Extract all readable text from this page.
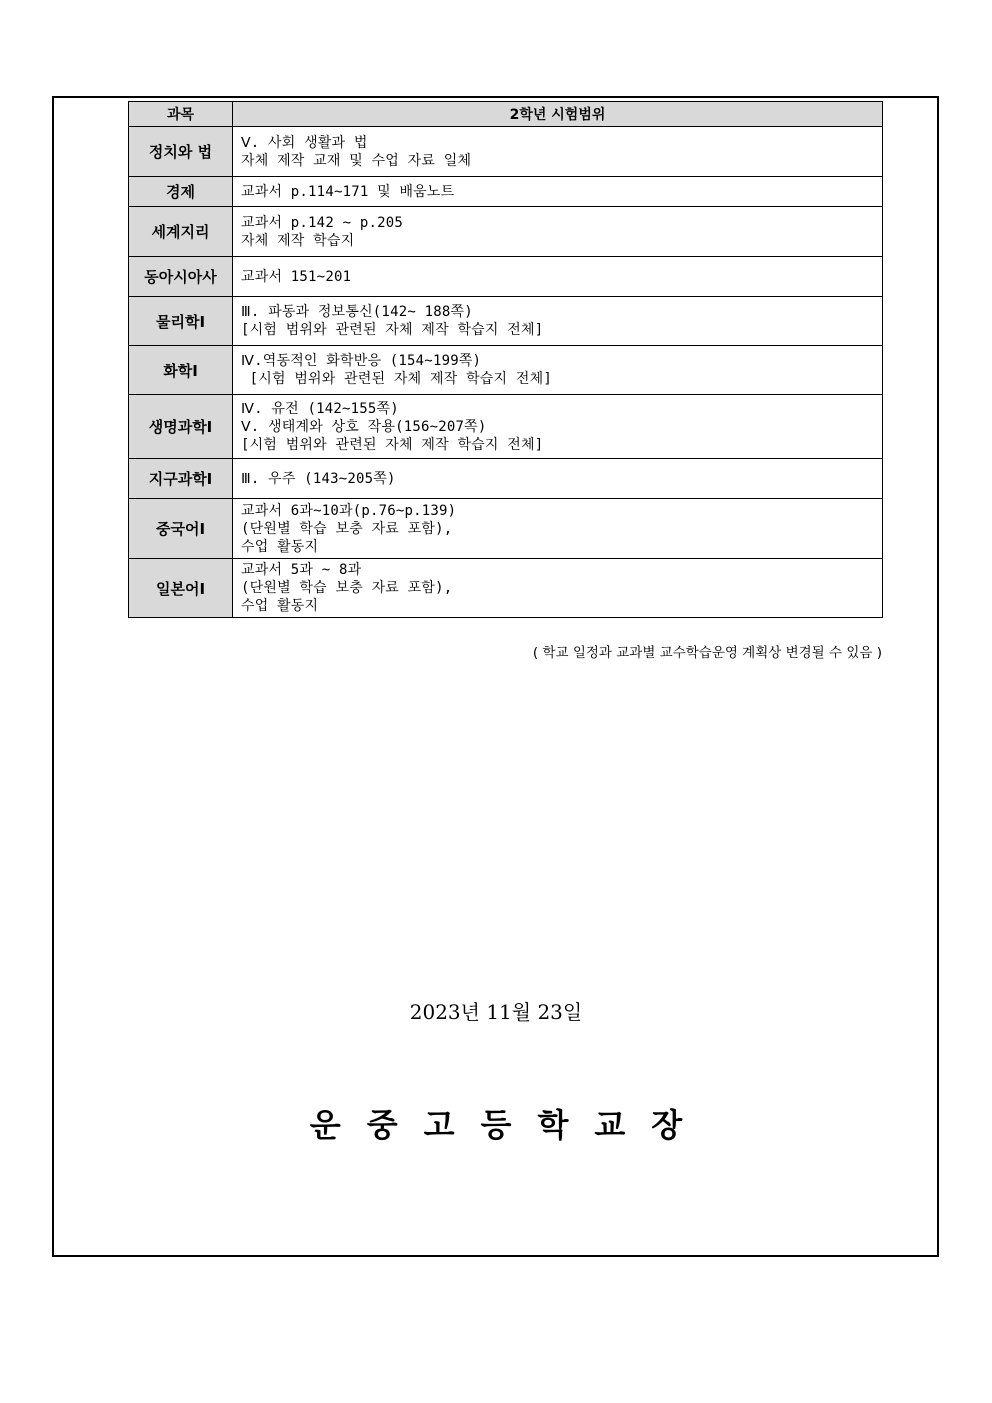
과목	2학년 시험범위
정치와 법	Ⅴ. 사회 생활과 법
자체 제작 교재 및 수업 자료 일체

경제	교과서 p.114~171 및 배움노트

세계지리	교과서 p.142 ~ p.205
자체 제작 학습지

동아시아사	교과서 151~201

물리학I	Ⅲ. 파동과 정보통신(142~ 188쪽)
[시험 범위와 관련된 자체 제작 학습지 전체]

화학I	Ⅳ.역동적인 화학반응 (154~199쪽)
[시험 범위와 관련된 자체 제작 학습지 전체]

생명과학I	Ⅳ. 유전 (142~155쪽)
Ⅴ. 생태계와 상호 작용(156~207쪽)
[시험 범위와 관련된 자체 제작 학습지 전체]

지구과학I	Ⅲ. 우주 (143~205쪽)

중국어I	교과서 6과~10과(p.76~p.139)
(단원별 학습 보충 자료 포함),
수업 활동지

일본어I	교과서 5과 ~ 8과
(단원별 학습 보충 자료 포함),
수업 활동지
( 학교 일정과 교과별 교수학습운영 계획상 변경될 수 있음 )
2023년 11월 23일
운중고등학교장
